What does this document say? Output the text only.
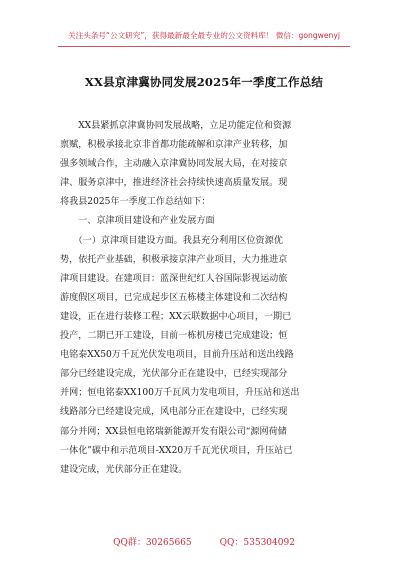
关注头条号“公文研究”，获得最新最全最专业的公文资料库！ 微信：gongwenyj
XX县京津冀协同发展2025年一季度工作总结
　　XX县紧抓京津冀协同发展战略，立足功能定位和资源
禀赋，积极承接北京非首都功能疏解和京津产业转移，加
强多领域合作，主动融入京津冀协同发展大局，在对接京
津、服务京津中，推进经济社会持续快速高质量发展。现
将我县2025年一季度工作总结如下：
　　一、京津项目建设和产业发展方面
　　（一）京津项目建设方面。我县充分利用区位资源优
势，依托产业基础，积极承接京津产业项目，大力推进京
津项目建设。在建项目：蓝深世纪红人谷国际影视运动旅
游度假区项目，已完成起步区五栋楼主体建设和二次结构
建设，正在进行装修工程；XX云联数据中心项目，一期已
投产，二期已开工建设，目前一栋机房楼已完成建设；恒
电铭泰XX50万千瓦光伏发电项目，目前升压站和送出线路
部分已经建设完成，光伏部分正在建设中，已经实现部分
并网；恒电铭泰XX100万千瓦风力发电项目，升压站和送出
线路部分已经建设完成，风电部分正在建设中，已经实现
部分并网；XX县恒电铭瑞新能源开发有限公司“源网荷储
一体化”碳中和示范项目-XX20万千瓦光伏项目，升压站已
建设完成，光伏部分正在建设。
QQ群：30265665	QQ：535304092
